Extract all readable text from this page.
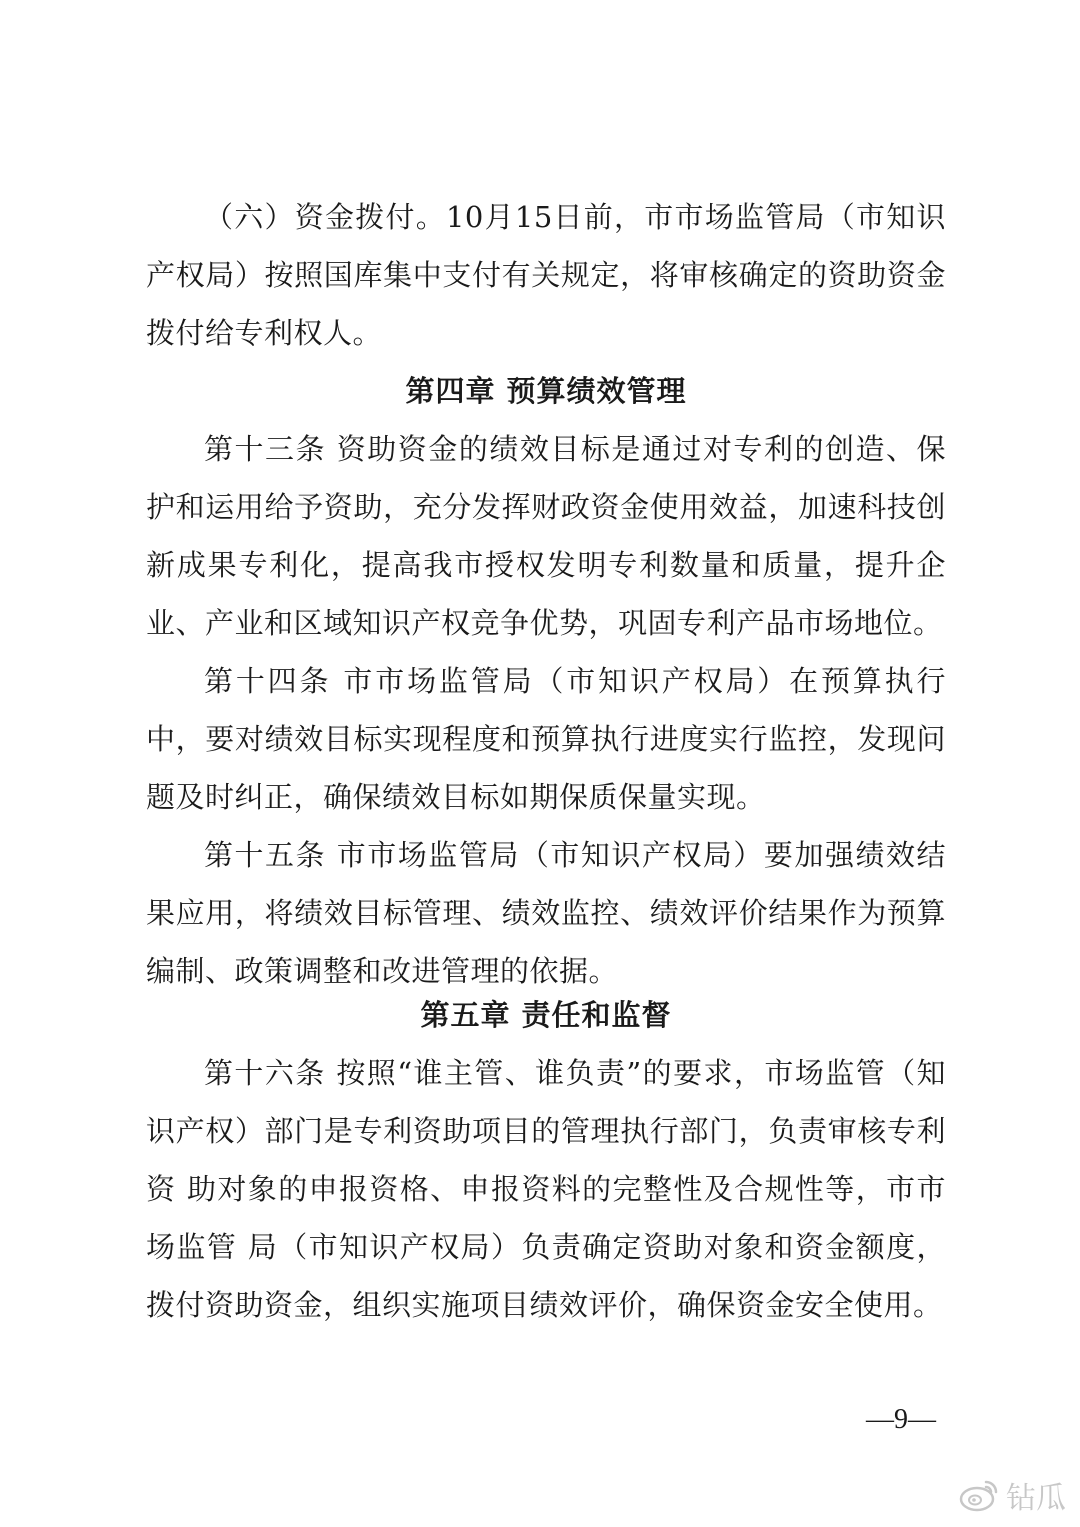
（六）资金拨付。10月15日前，市市场监管局（市知识产权局）按照国库集中支付有关规定，将审核确定的资助资金拨付给专利权人。

第四章 预算绩效管理

第十三条 资助资金的绩效目标是通过对专利的创造、保护和运用给予资助，充分发挥财政资金使用效益，加速科技创新成果专利化，提高我市授权发明专利数量和质量，提升企业、产业和区域知识产权竞争优势，巩固专利产品市场地位。

第十四条 市市场监管局（市知识产权局）在预算执行中，要对绩效目标实现程度和预算执行进度实行监控，发现问题及时纠正，确保绩效目标如期保质保量实现。

第十五条 市市场监管局（市知识产权局）要加强绩效结果应用，将绩效目标管理、绩效监控、绩效评价结果作为预算编制、政策调整和改进管理的依据。

第五章 责任和监督

第十六条 按照“谁主管、谁负责”的要求，市场监管（知识产权）部门是专利资助项目的管理执行部门，负责审核专利资 助对象的申报资格、申报资料的完整性及合规性等，市市场监管 局（市知识产权局）负责确定资助对象和资金额度，拨付资助资金，组织实施项目绩效评价，确保资金安全使用。

—9—
钻瓜
